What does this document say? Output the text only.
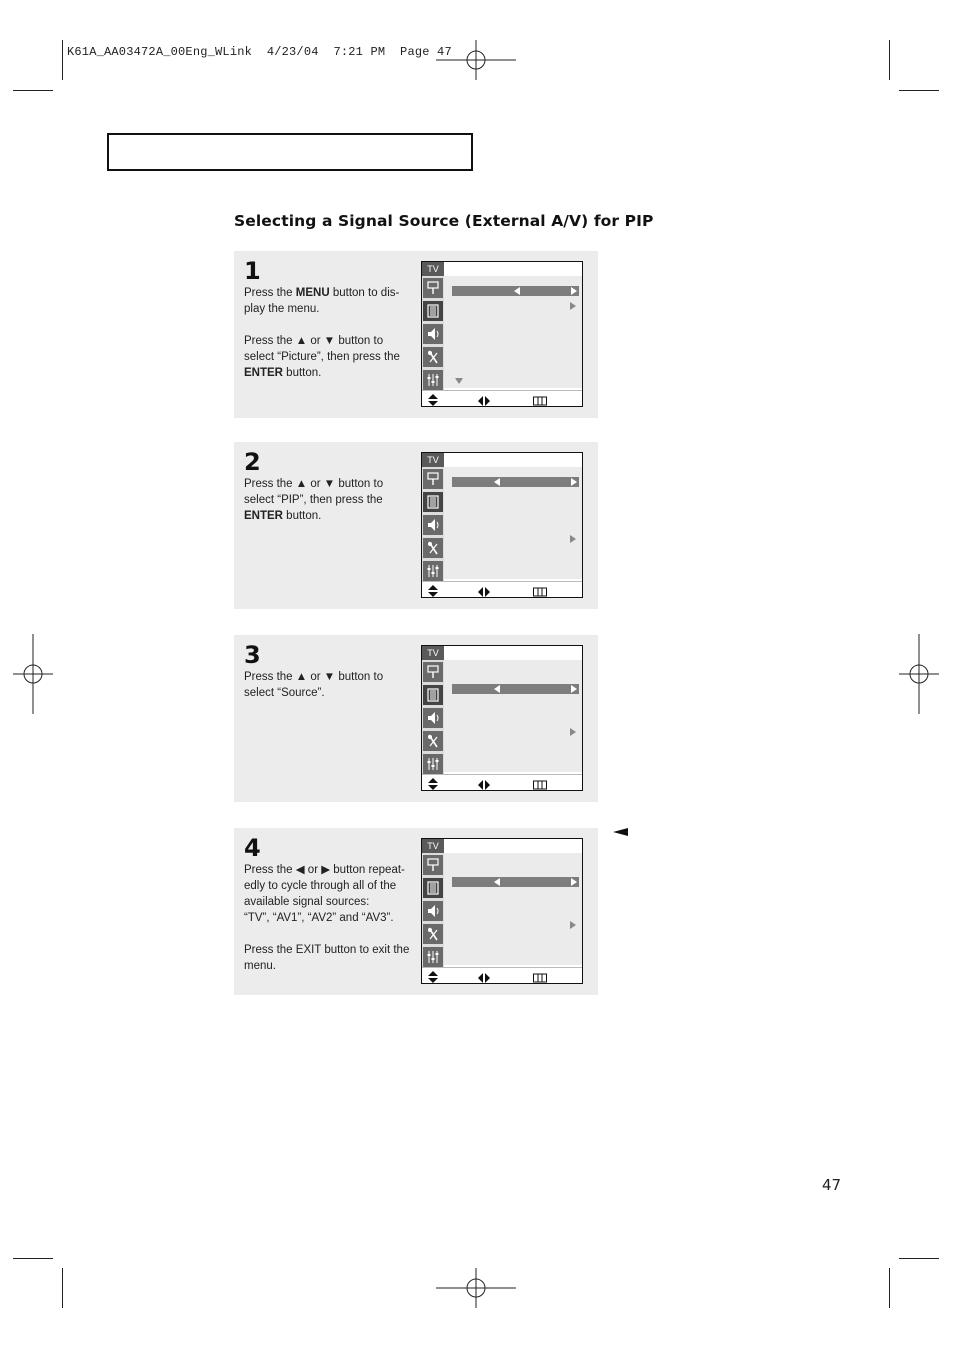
K61A_AA03472A_00Eng_WLink  4/23/04  7:21 PM  Page 47
Selecting a Signal Source (External A/V) for PIP
1
Press the MENU button to dis-
play the menu.

Press the ▲ or ▼ button to
select “Picture”, then press the
ENTER button.
TV
2
Press the ▲ or ▼ button to
select “PIP”, then press the
ENTER button.
TV
3
Press the ▲ or ▼ button to
select “Source”.
TV
4
Press the ◀ or ▶ button repeat-
edly to cycle through all of the
available signal sources:
“TV”, “AV1”, “AV2” and “AV3”.

Press the EXIT button to exit the
menu.
TV
47
